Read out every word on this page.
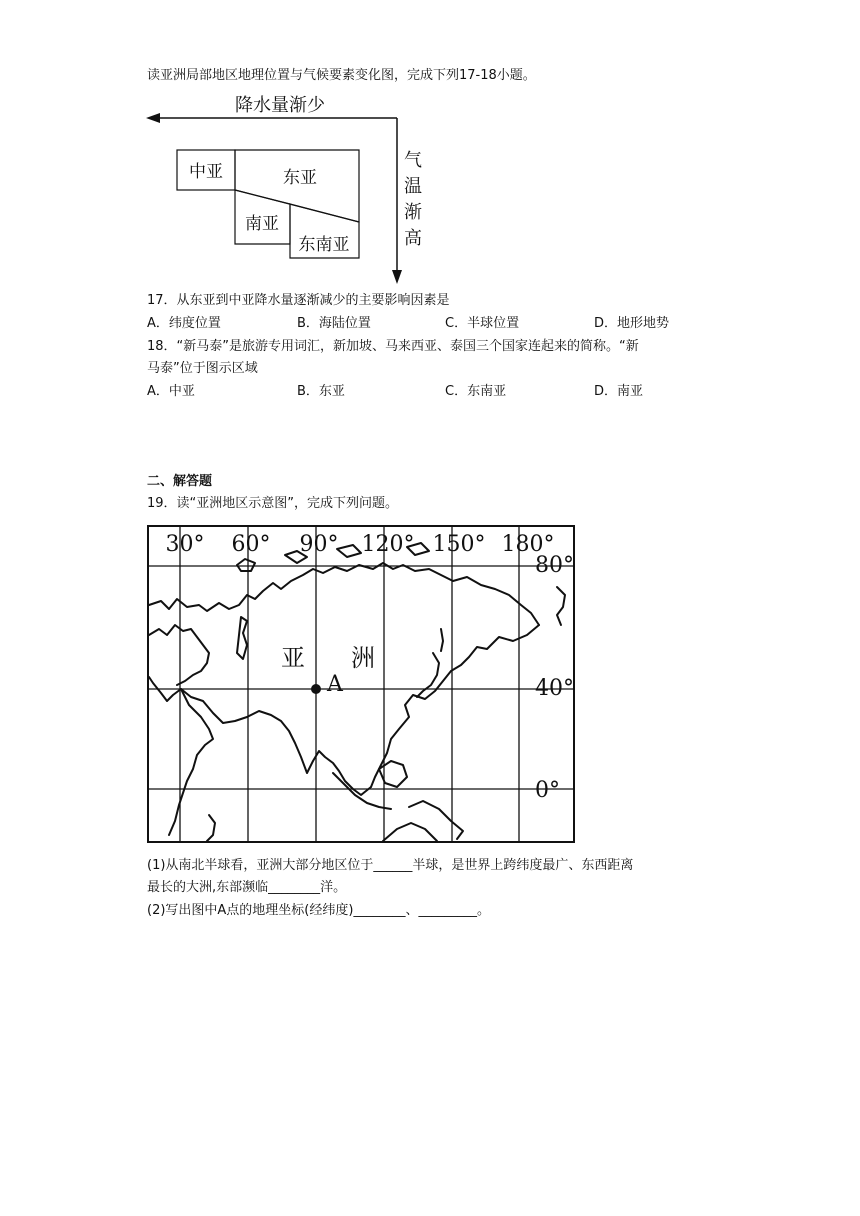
读亚洲局部地区地理位置与气候要素变化图，完成下列17-18小题。
降水量渐少
气
温
渐
高
中亚	东亚
南亚
东南亚
17．从东亚到中亚降水量逐渐减少的主要影响因素是
A．纬度位置	B．海陆位置	C．半球位置	D．地形地势
18．“新马泰”是旅游专用词汇，新加坡、马来西亚、泰国三个国家连起来的简称。“新
马泰”位于图示区域
A．中亚	B．东亚	C．东南亚	D．南亚
二、解答题
19．读“亚洲地区示意图”，完成下列问题。
30° 60° 90° 120° 150° 180°
80°
40°
0°
亚 洲
A
(1)从南北半球看，亚洲大部分地区位于______半球，是世界上跨纬度最广、东西距离
最长的大洲,东部濒临________洋。
(2)写出图中A点的地理坐标(经纬度)________、_________。
